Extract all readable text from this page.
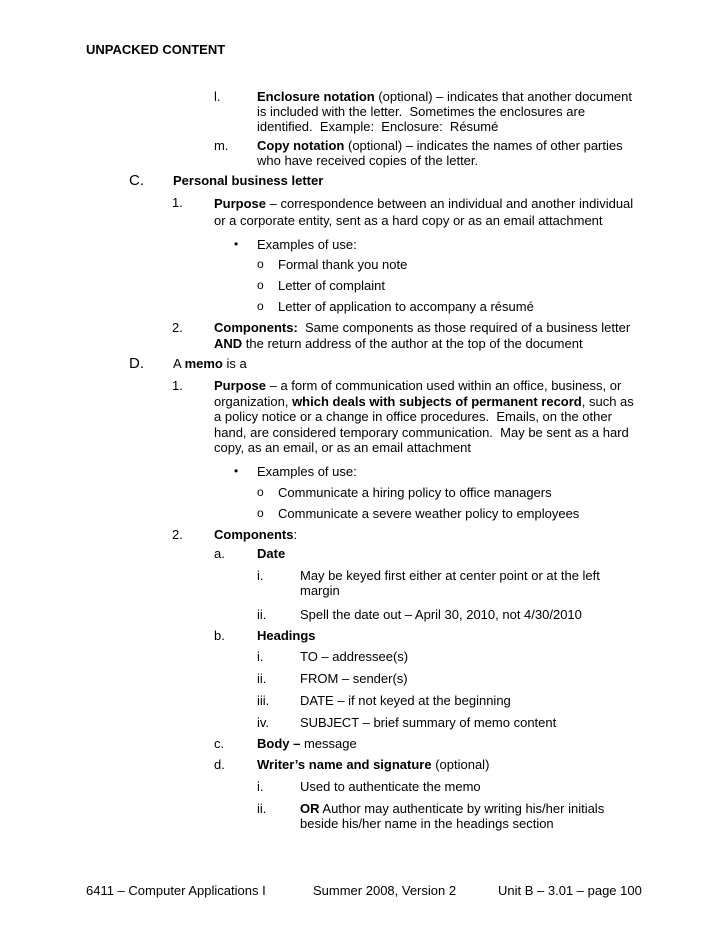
UNPACKED CONTENT
l.	Enclosure notation (optional) – indicates that another document
is included with the letter.  Sometimes the enclosures are
identified.  Example:  Enclosure:  Résumé
m. Copy notation (optional) – indicates the names of other parties
who have received copies of the letter.
C. Personal business letter
1. Purpose – correspondence between an individual and another individual
or a corporate entity, sent as a hard copy or as an email attachment
• Examples of use:
o Formal thank you note
o Letter of complaint
o Letter of application to accompany a résumé
2. Components:  Same components as those required of a business letter
AND the return address of the author at the top of the document
D. A memo is a
1. Purpose – a form of communication used within an office, business, or
organization, which deals with subjects of permanent record, such as
a policy notice or a change in office procedures.  Emails, on the other
hand, are considered temporary communication.  May be sent as a hard
copy, as an email, or as an email attachment
• Examples of use:
o Communicate a hiring policy to office managers
o Communicate a severe weather policy to employees
2. Components:
a. Date
i.	May be keyed first either at center point or at the left
margin
ii.	Spell the date out – April 30, 2010, not 4/30/2010
b. Headings
i.	TO – addressee(s)
ii.	FROM – sender(s)
iii. DATE – if not keyed at the beginning
iv. SUBJECT – brief summary of memo content
c.	Body – message
d. Writer’s name and signature (optional)
i.	Used to authenticate the memo
ii.	OR Author may authenticate by writing his/her initials
beside his/her name in the headings section
6411 – Computer Applications I	Summer 2008, Version 2	Unit B – 3.01 – page 100
